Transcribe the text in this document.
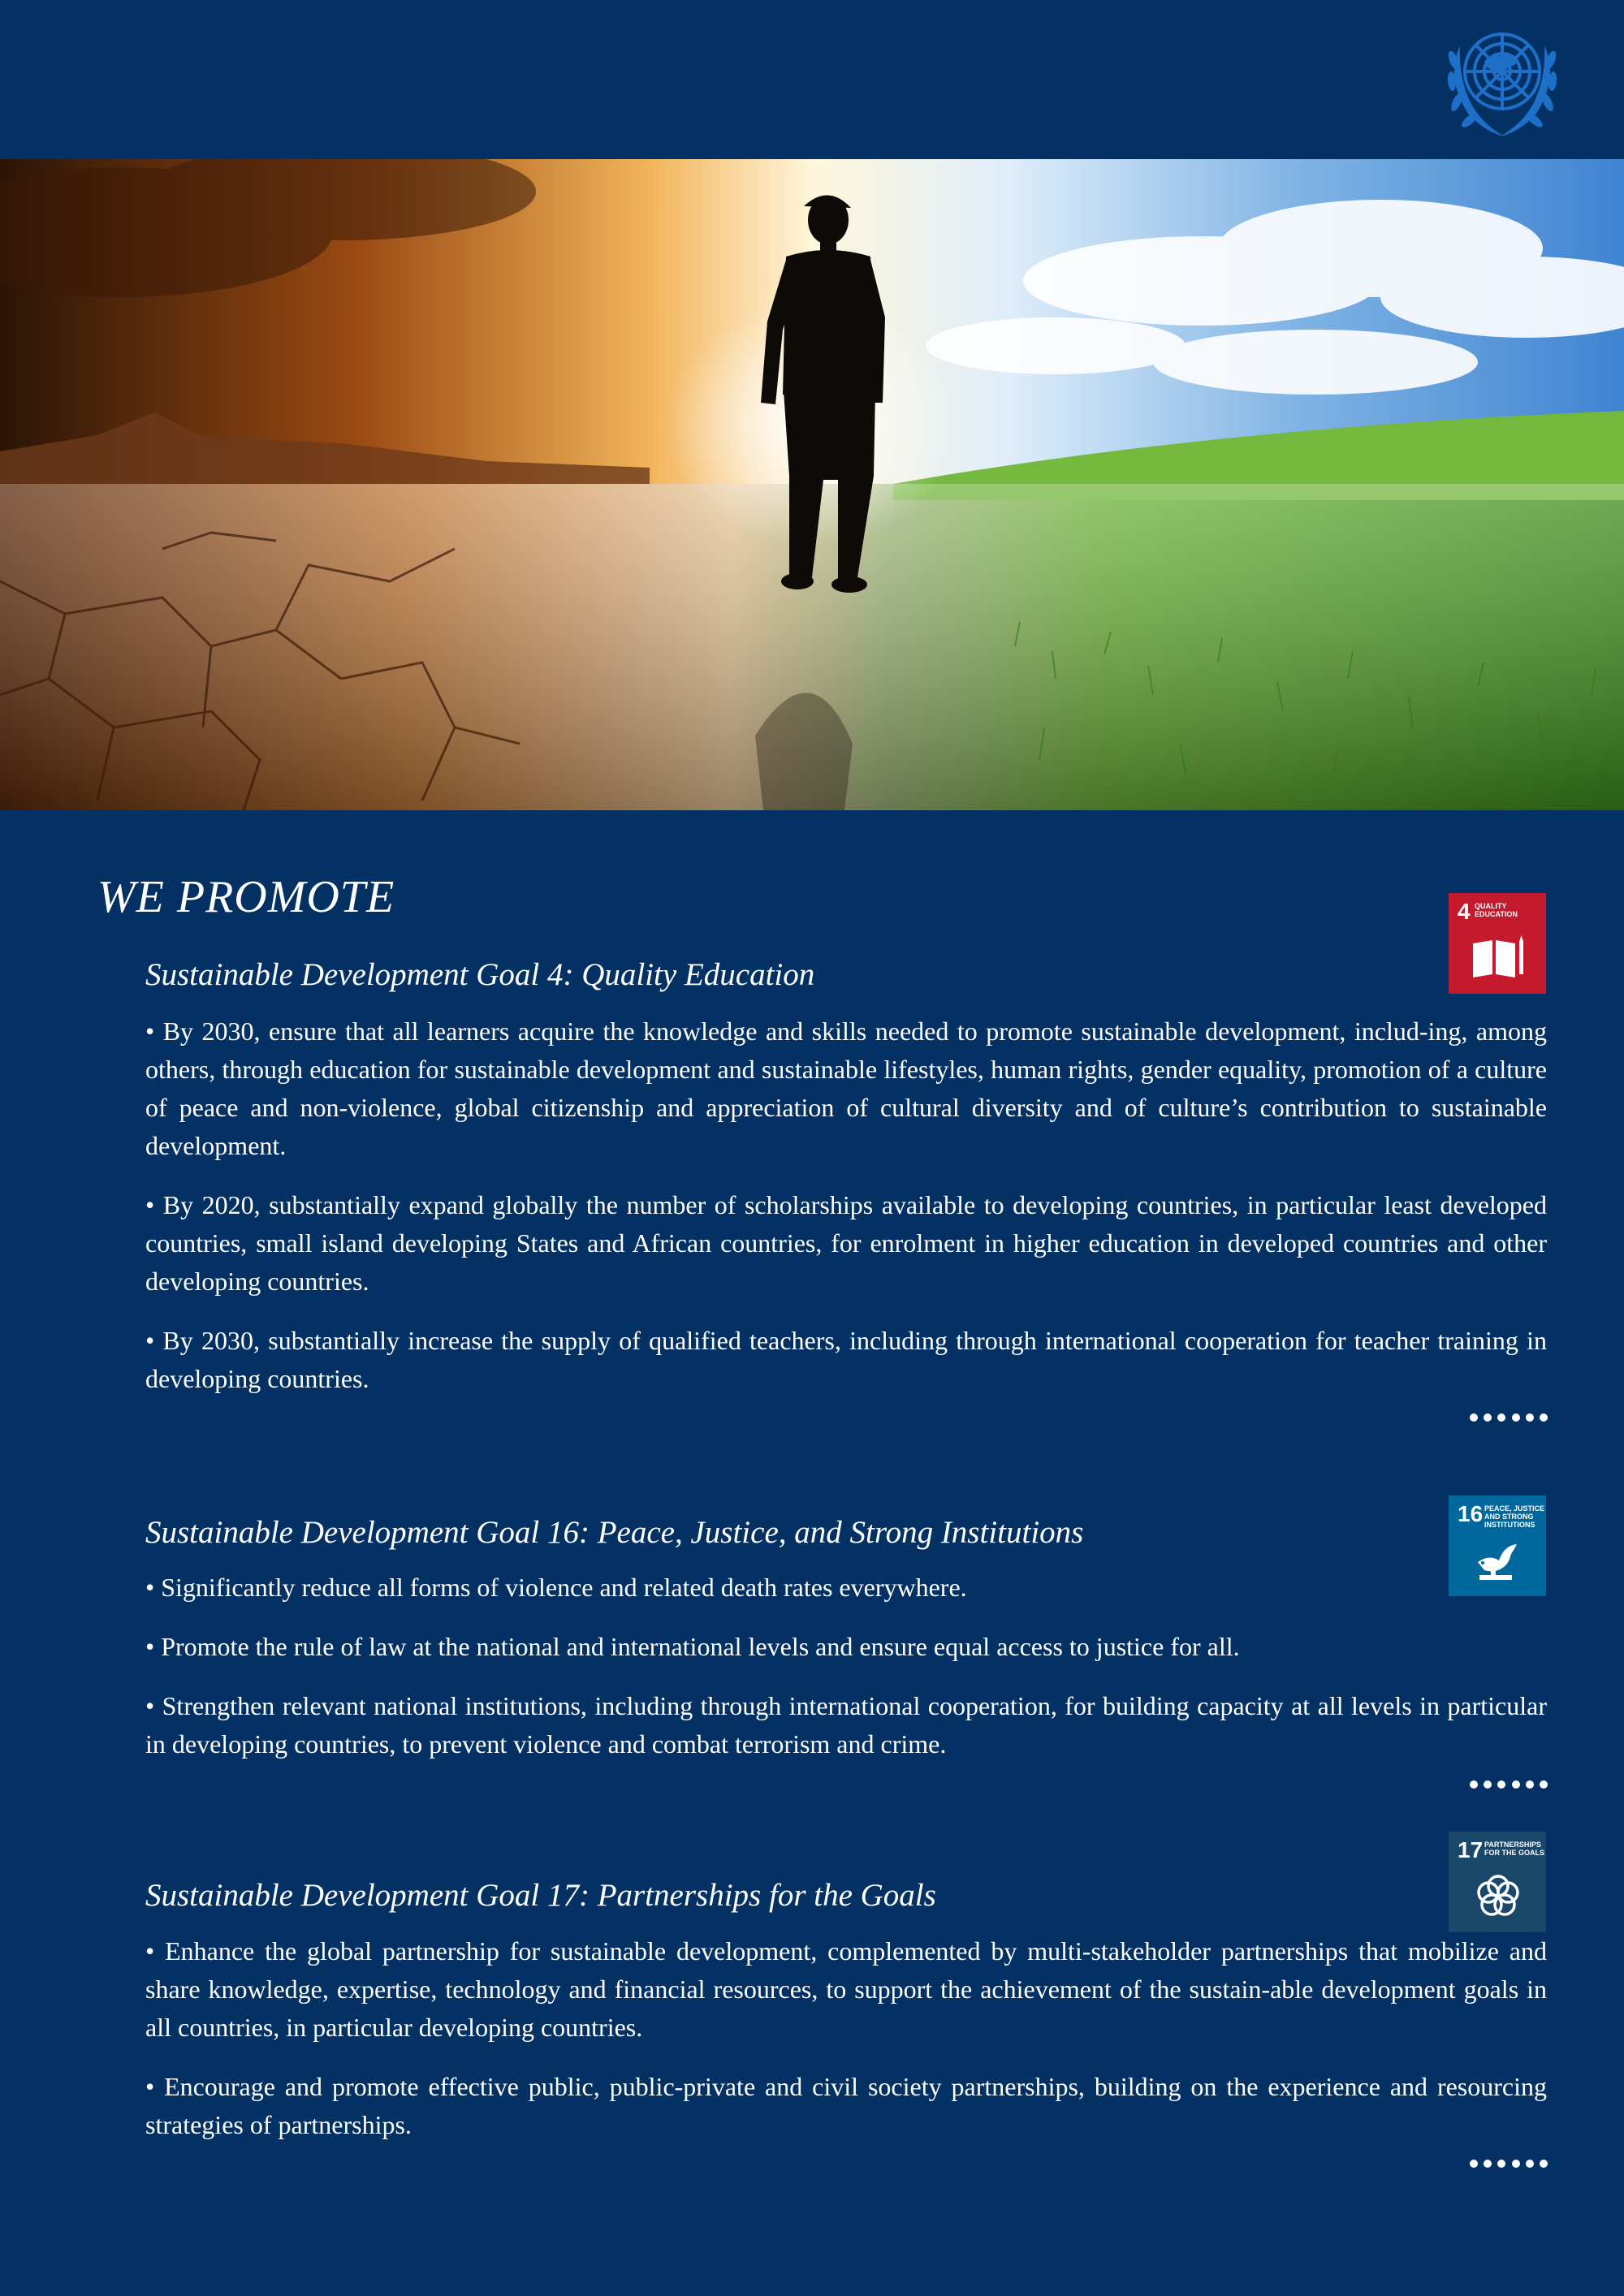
WE PROMOTE	4 QUALITY
EDUCATION
Sustainable Development Goal 4: Quality Education

• By 2030, ensure that all learners acquire the knowledge and skills needed to promote sustainable development, includ-ing, among others, through education for sustainable development and sustainable lifestyles, human rights, gender equality, promotion of a culture of peace and non-violence, global citizenship and appreciation of cultural diversity and of culture’s contribution to sustainable development.

• By 2020, substantially expand globally the number of scholarships available to developing countries, in particular least developed countries, small island developing States and African countries, for enrolment in higher education in developed countries and other developing countries.

• By 2030, substantially increase the supply of qualified teachers, including through international cooperation for teacher training in developing countries.

16 PEACE, JUSTICE
AND STRONG
INSTITUTIONS
Sustainable Development Goal 16: Peace, Justice, and Strong Institutions

• Significantly reduce all forms of violence and related death rates everywhere.

• Promote the rule of law at the national and international levels and ensure equal access to justice for all.

• Strengthen relevant national institutions, including through international cooperation, for building capacity at all levels in particular in developing countries, to prevent violence and combat terrorism and crime.

17 PARTNERSHIPS
FOR THE GOALS
Sustainable Development Goal 17: Partnerships for the Goals

• Enhance the global partnership for sustainable development, complemented by multi-stakeholder partnerships that mobilize and share knowledge, expertise, technology and financial resources, to support the achievement of the sustain-able development goals in all countries, in particular developing countries.

• Encourage and promote effective public, public-private and civil society partnerships, building on the experience and resourcing strategies of partnerships.
